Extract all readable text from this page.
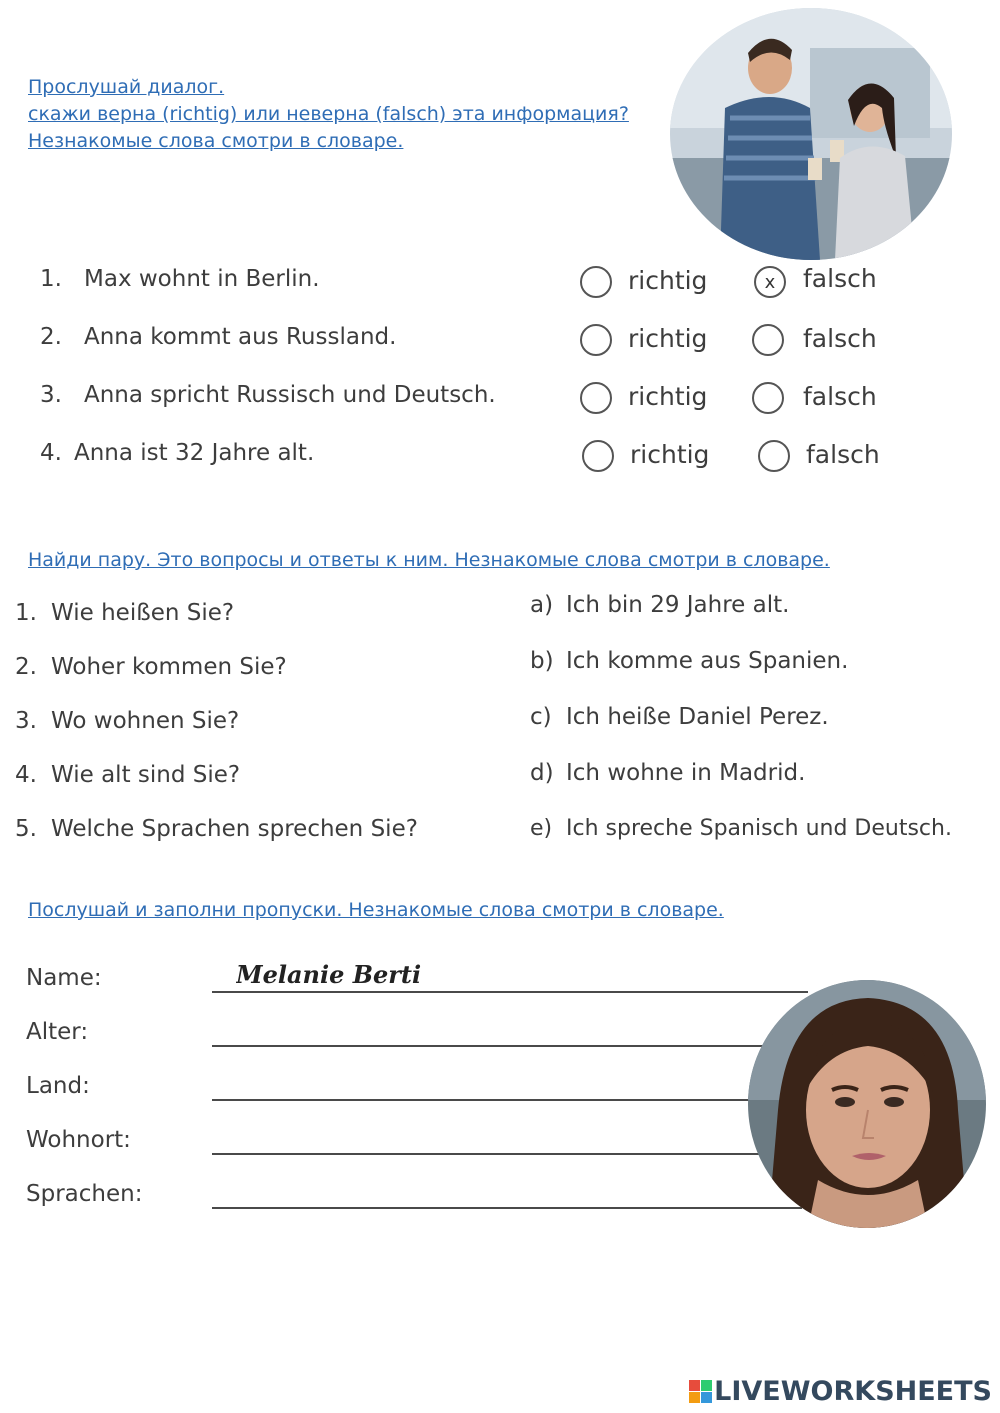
Прослушай диалог.

скажи верна (richtig) или неверна (falsch) эта информация?

Незнакомые слова смотри в словаре.

1. Max wohnt in Berlin.	richtig	x falsch
2. Anna kommt aus Russland.	richtig	falsch
3. Anna spricht Russisch und Deutsch.	richtig	falsch
4. Anna ist 32 Jahre alt.	richtig	falsch

Найди пару. Это вопросы и ответы к ним. Незнакомые слова смотри в словаре.

1. Wie heißen Sie?
2. Woher kommen Sie?
3. Wo wohnen Sie?
4. Wie alt sind Sie?
5. Welche Sprachen sprechen Sie?
a) Ich bin 29 Jahre alt.
b) Ich komme aus Spanien.
c) Ich heiße Daniel Perez.
d) Ich wohne in Madrid.
e) Ich spreche Spanisch und Deutsch.

Послушай и заполни пропуски. Незнакомые слова смотри в словаре.

Name:
Melanie Berti
Alter:
Land:
Wohnort:
Sprachen:
LIVEWORKSHEETS
